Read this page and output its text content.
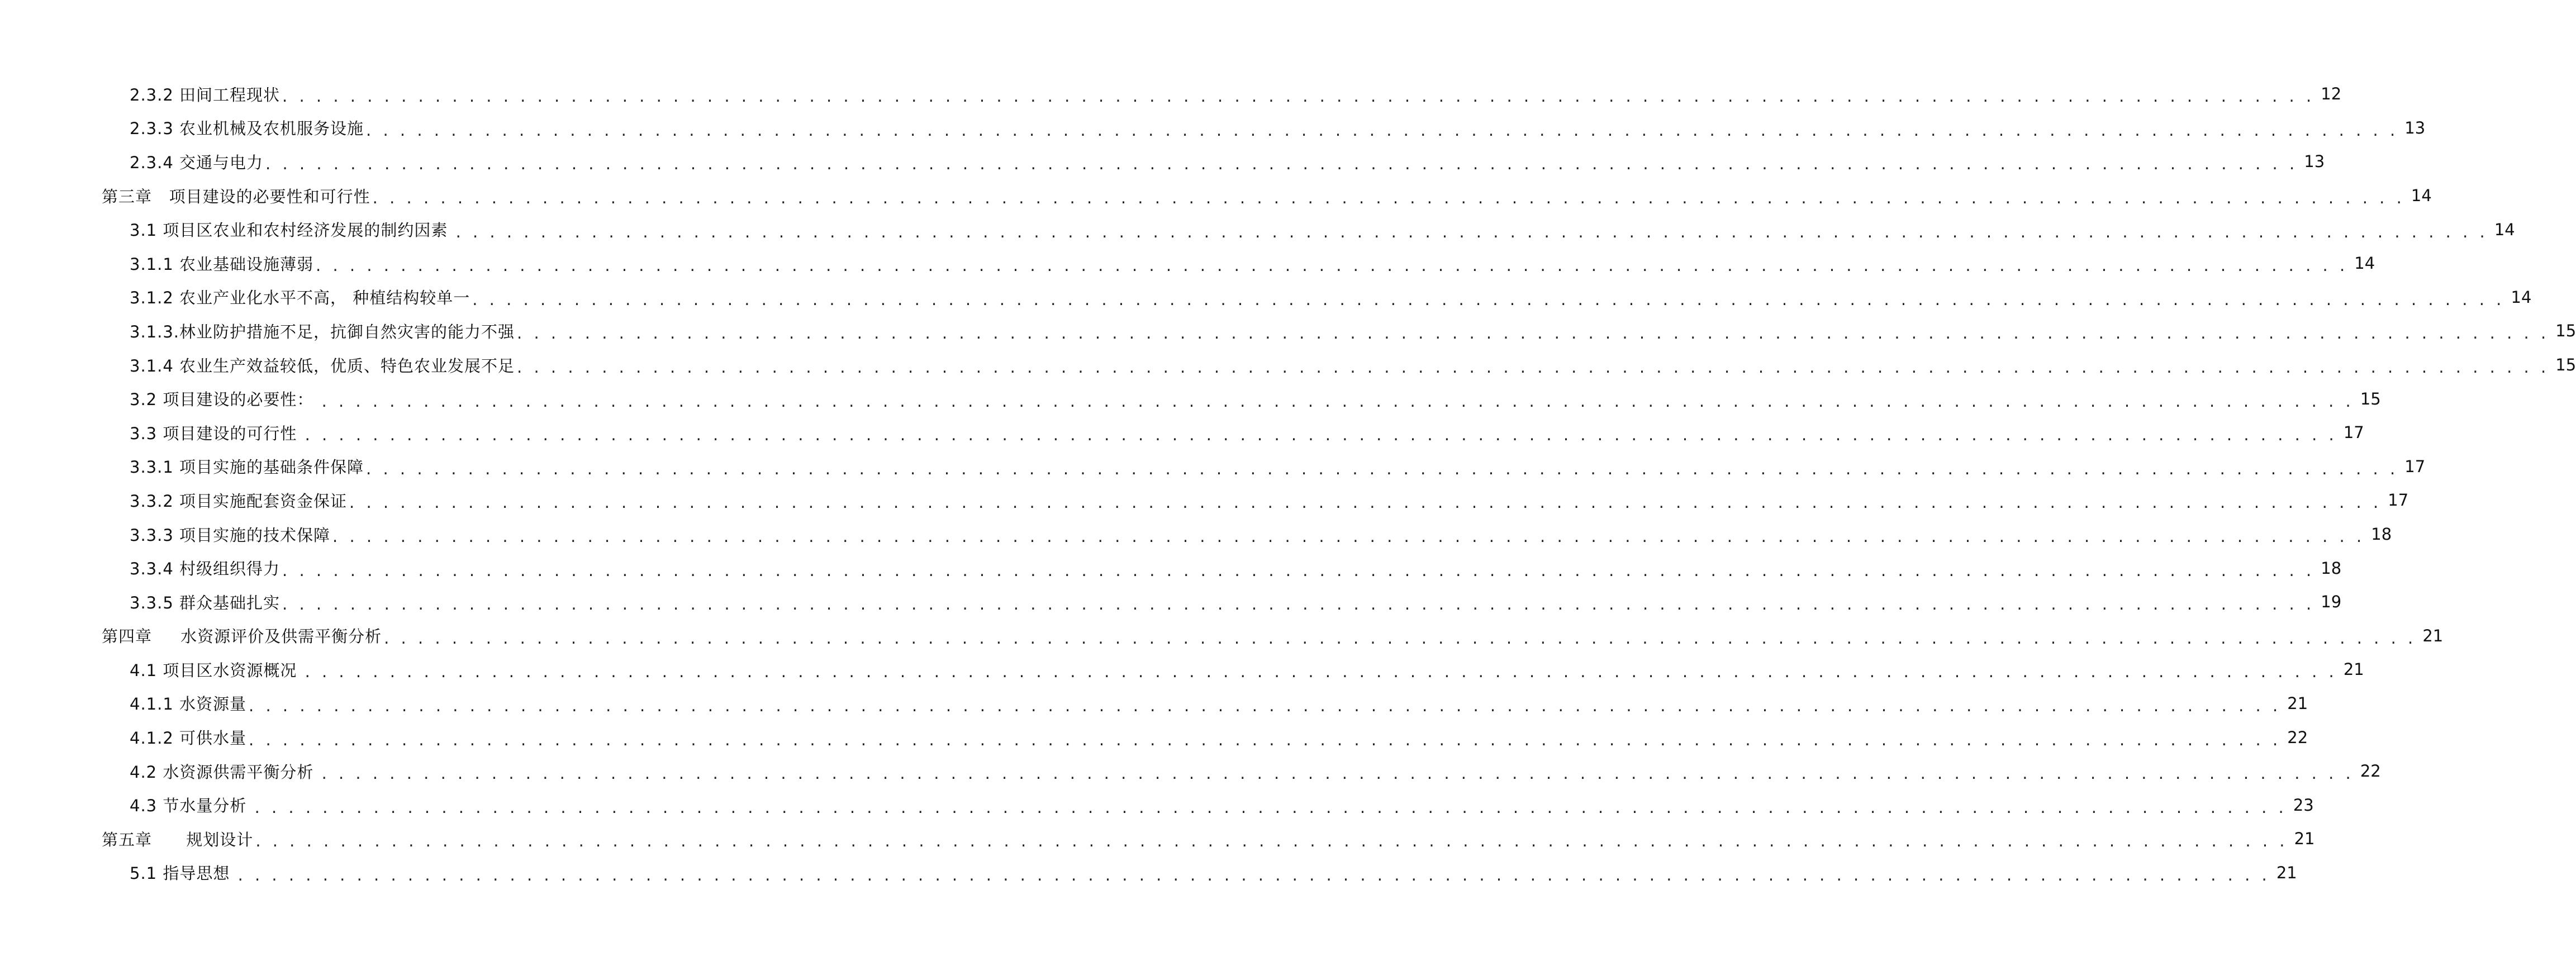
2.3.2 田间工程现状 . . . . . . . . . . . . . . . . . . . . . . . . . . . . . . . . . . . . . . . . . . . . . . . . . . . . . . . . . . . . . . . . . . . . . . . . . . . . . . . . . . . . . . . . . . . . . . . . . . . . . . . . . . . . . . . . . . . . . . . . 12
2.3.3 农业机械及农机服务设施 . . . . . . . . . . . . . . . . . . . . . . . . . . . . . . . . . . . . . . . . . . . . . . . . . . . . . . . . . . . . . . . . . . . . . . . . . . . . . . . . . . . . . . . . . . . . . . . . . . . . . . . . . . . . . . . . . . . . . . . . 13
2.3.4 交通与电力 . . . . . . . . . . . . . . . . . . . . . . . . . . . . . . . . . . . . . . . . . . . . . . . . . . . . . . . . . . . . . . . . . . . . . . . . . . . . . . . . . . . . . . . . . . . . . . . . . . . . . . . . . . . . . . . . . . . . . . . . 13
第三章   项目建设的必要性和可行性 . . . . . . . . . . . . . . . . . . . . . . . . . . . . . . . . . . . . . . . . . . . . . . . . . . . . . . . . . . . . . . . . . . . . . . . . . . . . . . . . . . . . . . . . . . . . . . . . . . . . . . . . . . . . . . . . . . . . . . . . 14
3.1 项目区农业和农村经济发展的制约因素 . . . . . . . . . . . . . . . . . . . . . . . . . . . . . . . . . . . . . . . . . . . . . . . . . . . . . . . . . . . . . . . . . . . . . . . . . . . . . . . . . . . . . . . . . . . . . . . . . . . . . . . . . . . . . . . . . . . . . . . . 14
3.1.1 农业基础设施薄弱 . . . . . . . . . . . . . . . . . . . . . . . . . . . . . . . . . . . . . . . . . . . . . . . . . . . . . . . . . . . . . . . . . . . . . . . . . . . . . . . . . . . . . . . . . . . . . . . . . . . . . . . . . . . . . . . . . . . . . . . . 14
3.1.2 农业产业化水平不高， 种植结构较单一 . . . . . . . . . . . . . . . . . . . . . . . . . . . . . . . . . . . . . . . . . . . . . . . . . . . . . . . . . . . . . . . . . . . . . . . . . . . . . . . . . . . . . . . . . . . . . . . . . . . . . . . . . . . . . . . . . . . . . . . . 14
3.1.3.林业防护措施不足，抗御自然灾害的能力不强 . . . . . . . . . . . . . . . . . . . . . . . . . . . . . . . . . . . . . . . . . . . . . . . . . . . . . . . . . . . . . . . . . . . . . . . . . . . . . . . . . . . . . . . . . . . . . . . . . . . . . . . . . . . . . . . . . . . . . . . . 15
3.1.4 农业生产效益较低，优质、特色农业发展不足 . . . . . . . . . . . . . . . . . . . . . . . . . . . . . . . . . . . . . . . . . . . . . . . . . . . . . . . . . . . . . . . . . . . . . . . . . . . . . . . . . . . . . . . . . . . . . . . . . . . . . . . . . . . . . . . . . . . . . . . . 15
3.2 项目建设的必要性： . . . . . . . . . . . . . . . . . . . . . . . . . . . . . . . . . . . . . . . . . . . . . . . . . . . . . . . . . . . . . . . . . . . . . . . . . . . . . . . . . . . . . . . . . . . . . . . . . . . . . . . . . . . . . . . . . . . . . . . . 15
3.3 项目建设的可行性 . . . . . . . . . . . . . . . . . . . . . . . . . . . . . . . . . . . . . . . . . . . . . . . . . . . . . . . . . . . . . . . . . . . . . . . . . . . . . . . . . . . . . . . . . . . . . . . . . . . . . . . . . . . . . . . . . . . . . . . . 17
3.3.1 项目实施的基础条件保障 . . . . . . . . . . . . . . . . . . . . . . . . . . . . . . . . . . . . . . . . . . . . . . . . . . . . . . . . . . . . . . . . . . . . . . . . . . . . . . . . . . . . . . . . . . . . . . . . . . . . . . . . . . . . . . . . . . . . . . . . 17
3.3.2 项目实施配套资金保证 . . . . . . . . . . . . . . . . . . . . . . . . . . . . . . . . . . . . . . . . . . . . . . . . . . . . . . . . . . . . . . . . . . . . . . . . . . . . . . . . . . . . . . . . . . . . . . . . . . . . . . . . . . . . . . . . . . . . . . . . 17
3.3.3 项目实施的技术保障 . . . . . . . . . . . . . . . . . . . . . . . . . . . . . . . . . . . . . . . . . . . . . . . . . . . . . . . . . . . . . . . . . . . . . . . . . . . . . . . . . . . . . . . . . . . . . . . . . . . . . . . . . . . . . . . . . . . . . . . . 18
3.3.4 村级组织得力 . . . . . . . . . . . . . . . . . . . . . . . . . . . . . . . . . . . . . . . . . . . . . . . . . . . . . . . . . . . . . . . . . . . . . . . . . . . . . . . . . . . . . . . . . . . . . . . . . . . . . . . . . . . . . . . . . . . . . . . . 18
3.3.5 群众基础扎实 . . . . . . . . . . . . . . . . . . . . . . . . . . . . . . . . . . . . . . . . . . . . . . . . . . . . . . . . . . . . . . . . . . . . . . . . . . . . . . . . . . . . . . . . . . . . . . . . . . . . . . . . . . . . . . . . . . . . . . . . 19
第四章     水资源评价及供需平衡分析 . . . . . . . . . . . . . . . . . . . . . . . . . . . . . . . . . . . . . . . . . . . . . . . . . . . . . . . . . . . . . . . . . . . . . . . . . . . . . . . . . . . . . . . . . . . . . . . . . . . . . . . . . . . . . . . . . . . . . . . . 21
4.1 项目区水资源概况 . . . . . . . . . . . . . . . . . . . . . . . . . . . . . . . . . . . . . . . . . . . . . . . . . . . . . . . . . . . . . . . . . . . . . . . . . . . . . . . . . . . . . . . . . . . . . . . . . . . . . . . . . . . . . . . . . . . . . . . . 21
4.1.1 水资源量 . . . . . . . . . . . . . . . . . . . . . . . . . . . . . . . . . . . . . . . . . . . . . . . . . . . . . . . . . . . . . . . . . . . . . . . . . . . . . . . . . . . . . . . . . . . . . . . . . . . . . . . . . . . . . . . . . . . . . . . . 21
4.1.2 可供水量 . . . . . . . . . . . . . . . . . . . . . . . . . . . . . . . . . . . . . . . . . . . . . . . . . . . . . . . . . . . . . . . . . . . . . . . . . . . . . . . . . . . . . . . . . . . . . . . . . . . . . . . . . . . . . . . . . . . . . . . . 22
4.2 水资源供需平衡分析 . . . . . . . . . . . . . . . . . . . . . . . . . . . . . . . . . . . . . . . . . . . . . . . . . . . . . . . . . . . . . . . . . . . . . . . . . . . . . . . . . . . . . . . . . . . . . . . . . . . . . . . . . . . . . . . . . . . . . . . . 22
4.3 节水量分析 . . . . . . . . . . . . . . . . . . . . . . . . . . . . . . . . . . . . . . . . . . . . . . . . . . . . . . . . . . . . . . . . . . . . . . . . . . . . . . . . . . . . . . . . . . . . . . . . . . . . . . . . . . . . . . . . . . . . . . . . 23
第五章      规划设计 . . . . . . . . . . . . . . . . . . . . . . . . . . . . . . . . . . . . . . . . . . . . . . . . . . . . . . . . . . . . . . . . . . . . . . . . . . . . . . . . . . . . . . . . . . . . . . . . . . . . . . . . . . . . . . . . . . . . . . . . 21
5.1 指导思想 . . . . . . . . . . . . . . . . . . . . . . . . . . . . . . . . . . . . . . . . . . . . . . . . . . . . . . . . . . . . . . . . . . . . . . . . . . . . . . . . . . . . . . . . . . . . . . . . . . . . . . . . . . . . . . . . . . . . . . . . 21
